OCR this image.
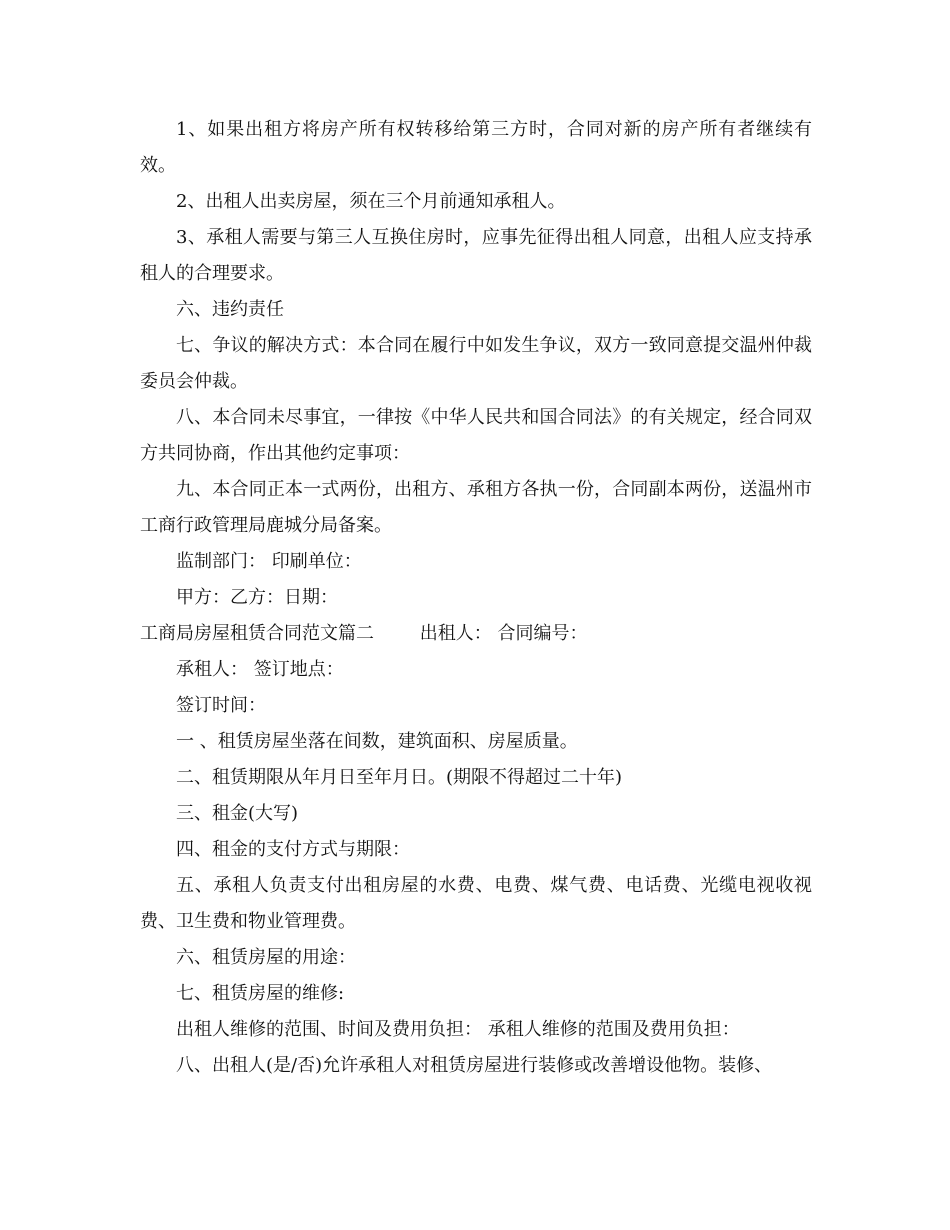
1、如果出租方将房产所有权转移给第三方时，合同对新的房产所有者继续有效。

2、出租人出卖房屋，须在三个月前通知承租人。

3、承租人需要与第三人互换住房时，应事先征得出租人同意，出租人应支持承租人的合理要求。

六、违约责任

七、争议的解决方式：本合同在履行中如发生争议，双方一致同意提交温州仲裁委员会仲裁。

八、本合同未尽事宜，一律按《中华人民共和国合同法》的有关规定，经合同双方共同协商，作出其他约定事项：

九、本合同正本一式两份，出租方、承租方各执一份，合同副本两份，送温州市工商行政管理局鹿城分局备案。

监制部门： 印刷单位：

甲方：乙方：日期：

工商局房屋租赁合同范文篇二        出租人： 合同编号：

承租人： 签订地点：

签订时间：

一 、租赁房屋坐落在间数，建筑面积、房屋质量。

二、租赁期限从年月日至年月日。(期限不得超过二十年)

三、租金(大写)

四、租金的支付方式与期限：

五、承租人负责支付出租房屋的水费、电费、煤气费、电话费、光缆电视收视费、卫生费和物业管理费。

六、租赁房屋的用途：

七、租赁房屋的维修:

出租人维修的范围、时间及费用负担： 承租人维修的范围及费用负担：

八、出租人(是/否)允许承租人对租赁房屋进行装修或改善增设他物。装修、
